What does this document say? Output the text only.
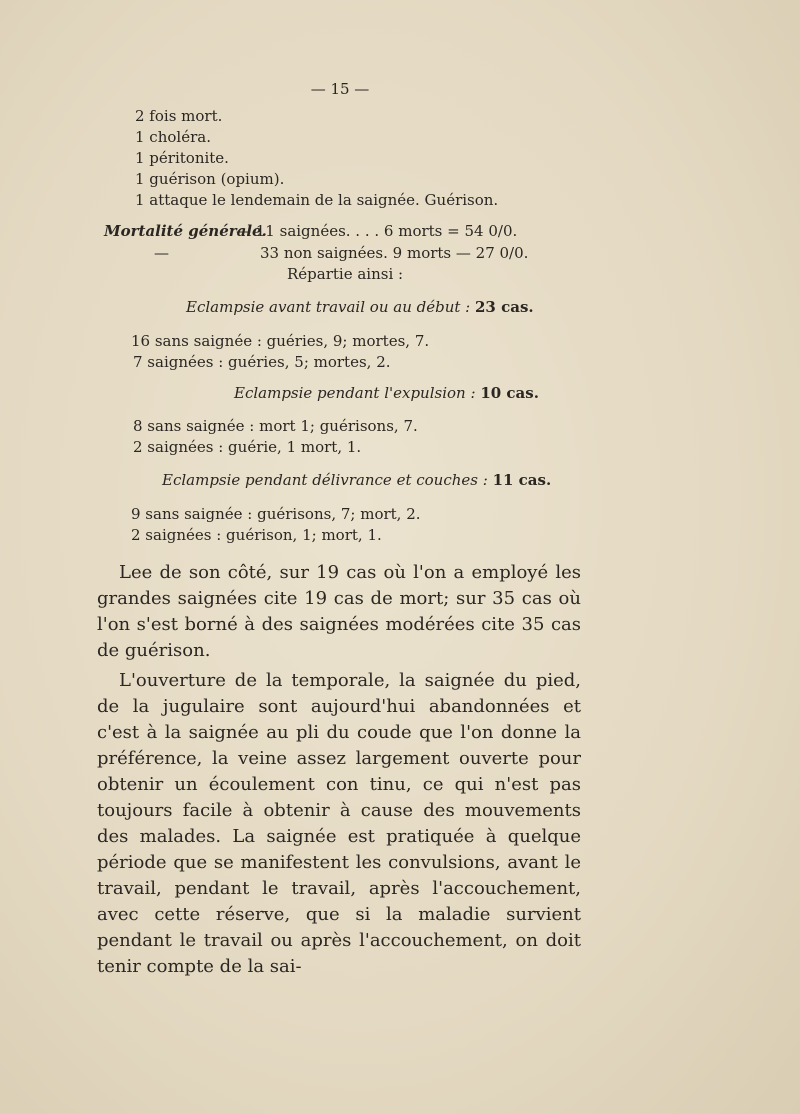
— 15 —
2 fois mort.
1 choléra.
1 péritonite.
1 guérison (opium).
1 attaque le lendemain de la saignée. Guérison.
Mortalité générale.
— 11 saignées. . . . 6 morts = 54 0/0.
—	33 non saignées. 9 morts — 27 0/0.
Répartie ainsi :
Eclampsie avant travail ou au début : 23 cas.
16 sans saignée : guéries, 9; mortes, 7.
7 saignées : guéries, 5; mortes, 2.
Eclampsie pendant l'expulsion : 10 cas.
8 sans saignée : mort 1; guérisons, 7.
2 saignées : guérie, 1 mort, 1.
Eclampsie pendant délivrance et couches : 11 cas.
9 sans saignée : guérisons, 7; mort, 2.
2 saignées : guérison, 1; mort, 1.

Lee de son côté, sur 19 cas où l'on a employé les grandes saignées cite 19 cas de mort; sur 35 cas où l'on s'est borné à des saignées modérées cite 35 cas de guérison.

L'ouverture de la temporale, la saignée du pied, de la jugulaire sont aujourd'hui abandonnées et c'est à la saignée au pli du coude que l'on donne la préférence, la veine assez largement ouverte pour obtenir un écoulement con tinu, ce qui n'est pas toujours facile à obtenir à cause des mouvements des malades. La saignée est pratiquée à quelque période que se manifestent les convulsions, avant le travail, pendant le travail, après l'accouchement, avec cette réserve, que si la maladie survient pendant le travail ou après l'accouchement, on doit tenir compte de la sai-
